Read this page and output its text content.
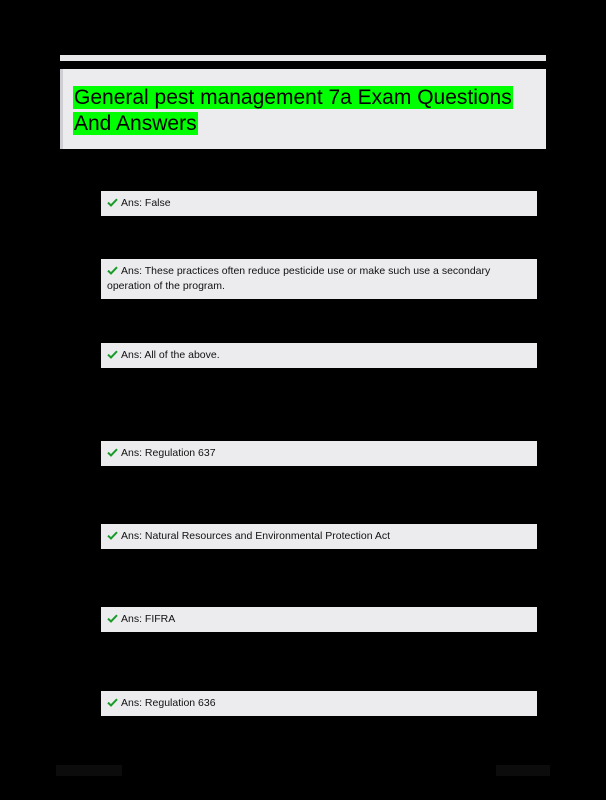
General pest management 7a Exam Questions And Answers
Ans: False
Ans: These practices often reduce pesticide use or make such use a secondary operation of the program.
Ans: All of the above.
Ans: Regulation 637
Ans: Natural Resources and Environmental Protection Act
Ans: FIFRA
Ans: Regulation 636
